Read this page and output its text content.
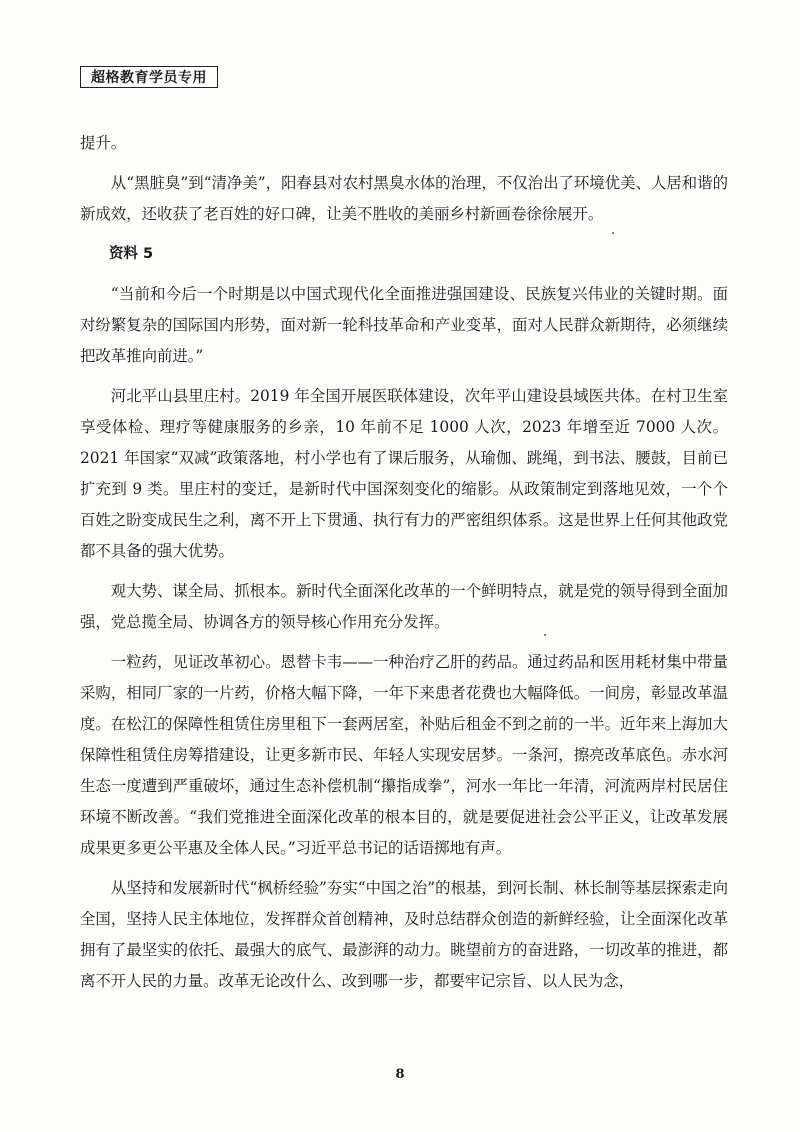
超格教育学员专用

提升。

从“黑脏臭”到“清净美”，阳春县对农村黑臭水体的治理，不仅治出了环境优美、人居和谐的新成效，还收获了老百姓的好口碑，让美不胜收的美丽乡村新画卷徐徐展开。

资料 5

“当前和今后一个时期是以中国式现代化全面推进强国建设、民族复兴伟业的关键时期。面对纷繁复杂的国际国内形势，面对新一轮科技革命和产业变革，面对人民群众新期待，必须继续把改革推向前进。”

河北平山县里庄村。2019 年全国开展医联体建设，次年平山建设县域医共体。在村卫生室享受体检、理疗等健康服务的乡亲，10 年前不足 1000 人次，2023 年增至近 7000 人次。2021 年国家“双减”政策落地，村小学也有了课后服务，从瑜伽、跳绳，到书法、腰鼓，目前已扩充到 9 类。里庄村的变迁，是新时代中国深刻变化的缩影。从政策制定到落地见效，一个个百姓之盼变成民生之利，离不开上下贯通、执行有力的严密组织体系。这是世界上任何其他政党都不具备的强大优势。

观大势、谋全局、抓根本。新时代全面深化改革的一个鲜明特点，就是党的领导得到全面加强，党总揽全局、协调各方的领导核心作用充分发挥。

一粒药，见证改革初心。恩替卡韦——一种治疗乙肝的药品。通过药品和医用耗材集中带量采购，相同厂家的一片药，价格大幅下降，一年下来患者花费也大幅降低。一间房，彰显改革温度。在松江的保障性租赁住房里租下一套两居室，补贴后租金不到之前的一半。近年来上海加大保障性租赁住房筹措建设，让更多新市民、年轻人实现安居梦。一条河，擦亮改革底色。赤水河生态一度遭到严重破坏，通过生态补偿机制“攥指成拳”，河水一年比一年清，河流两岸村民居住环境不断改善。“我们党推进全面深化改革的根本目的，就是要促进社会公平正义，让改革发展成果更多更公平惠及全体人民。”习近平总书记的话语掷地有声。

从坚持和发展新时代“枫桥经验”夯实“中国之治”的根基，到河长制、林长制等基层探索走向全国，坚持人民主体地位，发挥群众首创精神，及时总结群众创造的新鲜经验，让全面深化改革拥有了最坚实的依托、最强大的底气、最澎湃的动力。眺望前方的奋进路，一切改革的推进，都离不开人民的力量。改革无论改什么、改到哪一步，都要牢记宗旨、以人民为念，

8
